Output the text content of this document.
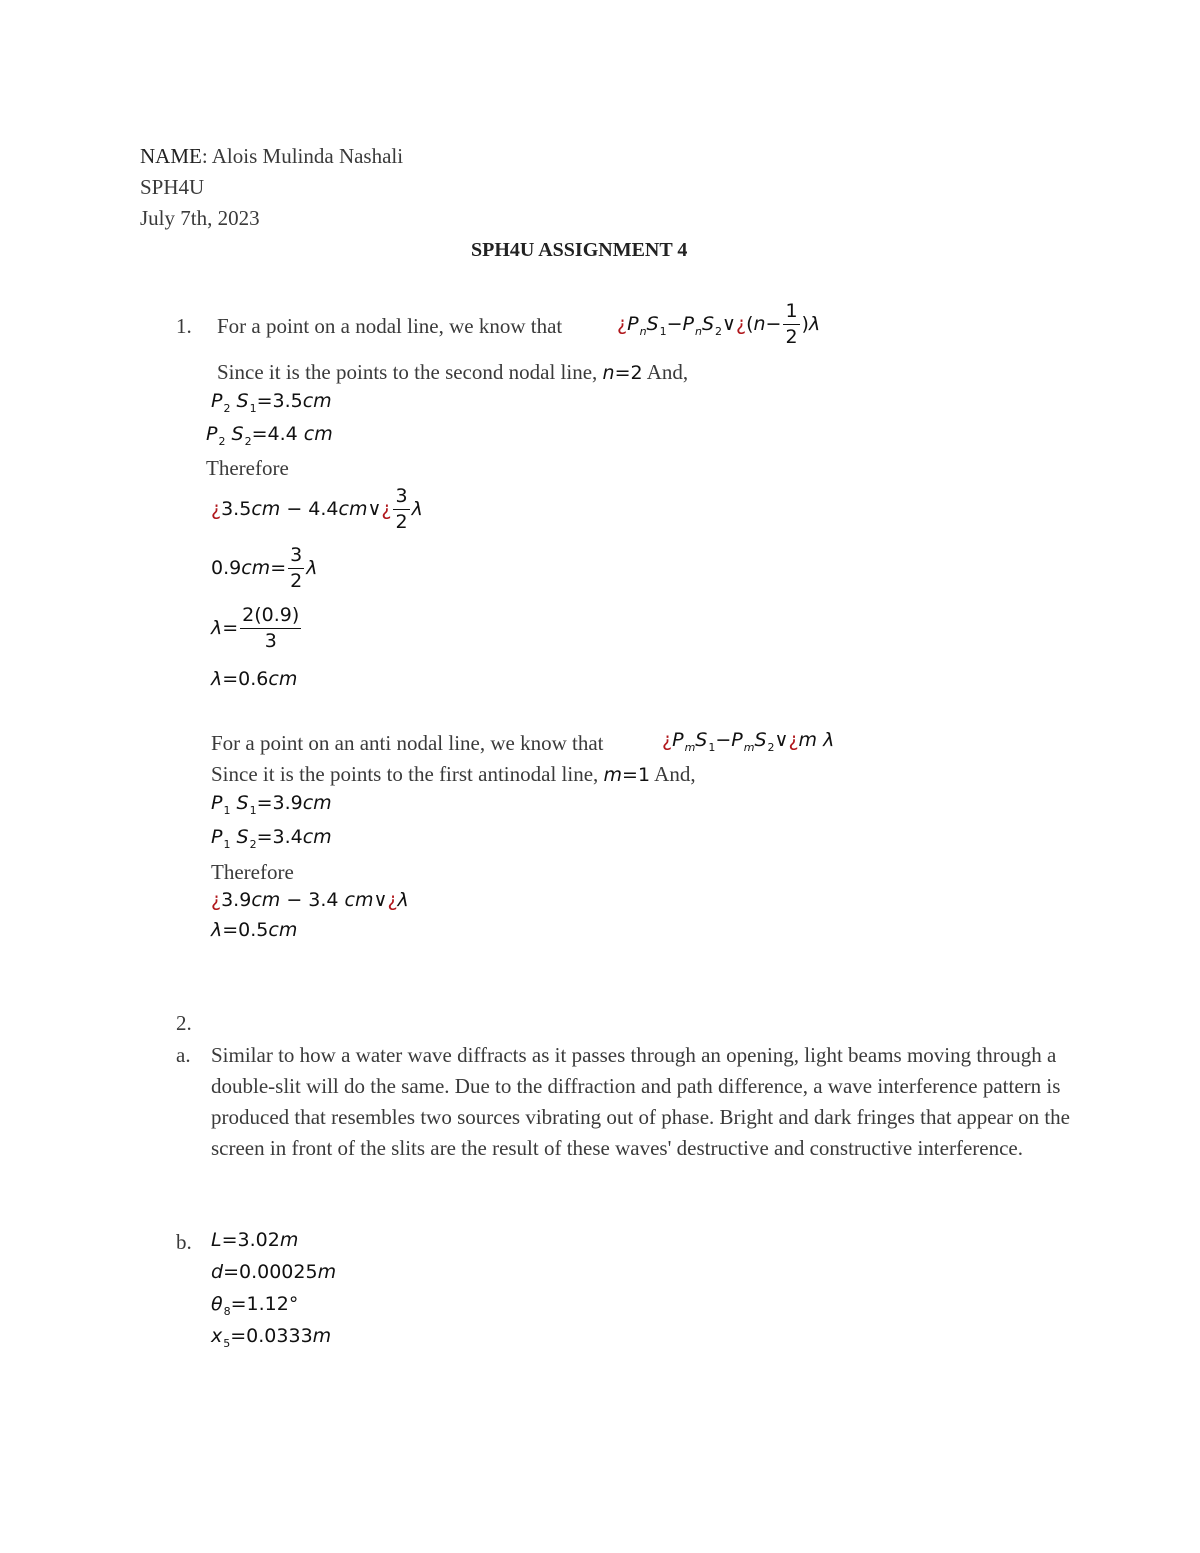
NAME: Alois Mulinda Nashali
SPH4U
July 7th, 2023
SPH4U ASSIGNMENT 4
1. For a point on a nodal line, we know that	¿$P_nS_1-P_nS_2\vee¿(n- \frac{1}{2} )\lambda$
Since it is the points to the second nodal line, n=2 And,
$P_2$ $S_1=3.5cm$
$P_2$ $S_2=4.4$ cm
Therefore
¿3.5cm − 4.4cm∨¿ $\frac{3}{2}$ λ
$0.9cm= \frac{3}{2}$ λ
$\lambda= \frac{2(0.9)}{3}$
λ=0.6cm
For a point on an anti nodal line, we know that	¿$P_mS_1-P_mS_2\vee¿m$ λ
Since it is the points to the first antinodal line, m=1 And,
$P_1$ $S_1=3.9cm$
$P_1$ $S_2=3.4cm$
Therefore
¿3.9cm − 3.4 cm∨¿λ
λ=0.5cm
2.
a. Similar to how a water wave diffracts as it passes through an opening, light beams moving through a double-slit will do the same. Due to the diffraction and path difference, a wave interference pattern is produced that resembles two sources vibrating out of phase. Bright and dark fringes that appear on the screen in front of the slits are the result of these waves' destructive and constructive interference.
b. L=3.02m
d=0.00025m
$\theta_8=1.12^\circ$
$x_5=0.0333m$
